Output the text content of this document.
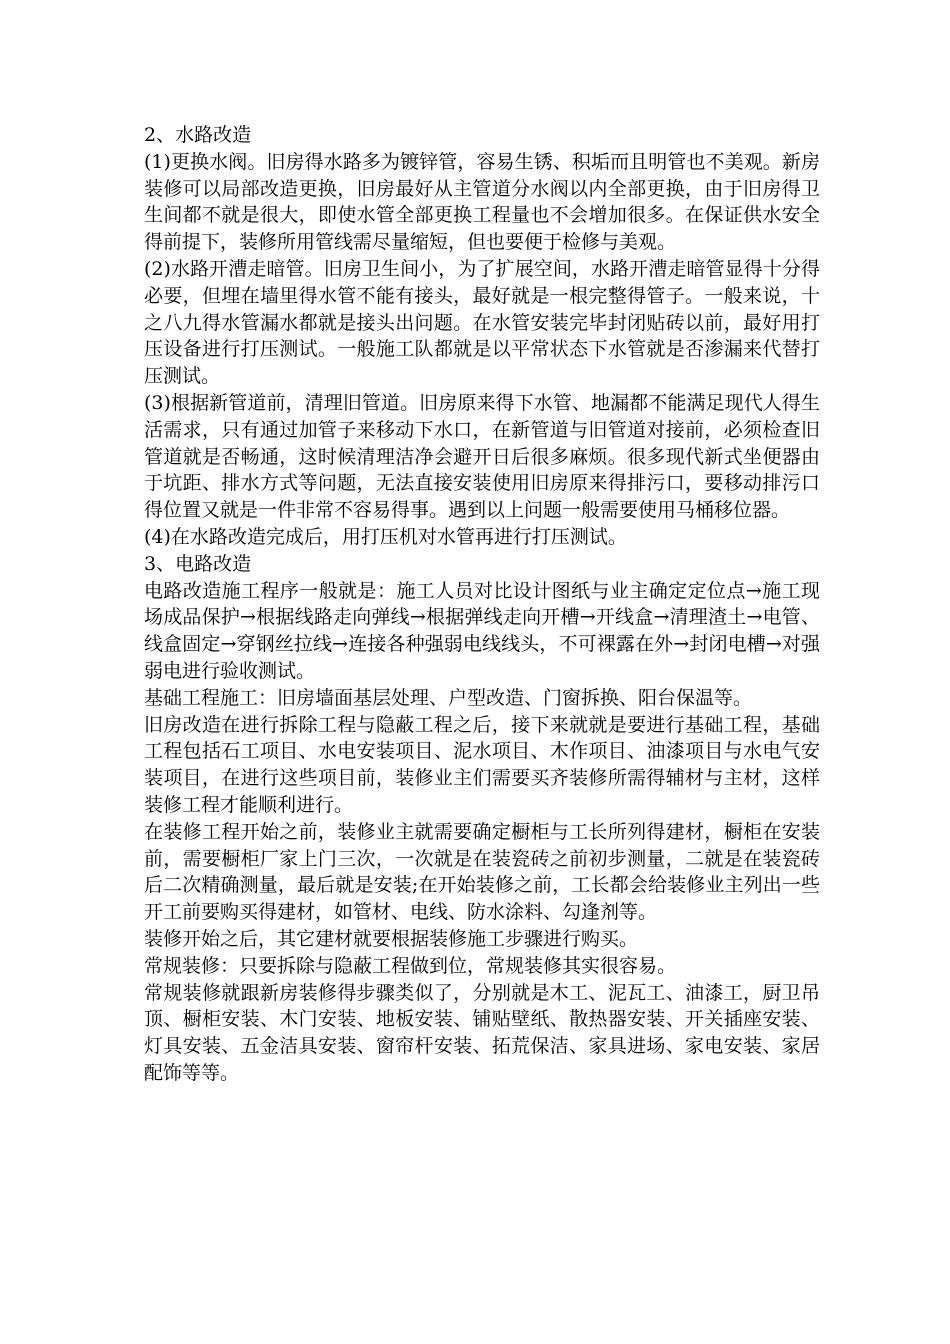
2、水路改造

(1)更换水阀。旧房得水路多为镀锌管，容易生锈、积垢而且明管也不美观。新房装修可以局部改造更换，旧房最好从主管道分水阀以内全部更换，由于旧房得卫生间都不就是很大，即使水管全部更换工程量也不会增加很多。在保证供水安全得前提下，装修所用管线需尽量缩短，但也要便于检修与美观。

(2)水路开漕走暗管。旧房卫生间小，为了扩展空间，水路开漕走暗管显得十分得必要，但埋在墙里得水管不能有接头，最好就是一根完整得管子。一般来说，十之八九得水管漏水都就是接头出问题。在水管安装完毕封闭贴砖以前，最好用打压设备进行打压测试。一般施工队都就是以平常状态下水管就是否渗漏来代替打压测试。

(3)根据新管道前，清理旧管道。旧房原来得下水管、地漏都不能满足现代人得生活需求，只有通过加管子来移动下水口，在新管道与旧管道对接前，必须检查旧管道就是否畅通，这时候清理洁净会避开日后很多麻烦。很多现代新式坐便器由于坑距、排水方式等问题，无法直接安装使用旧房原来得排污口，要移动排污口得位置又就是一件非常不容易得事。遇到以上问题一般需要使用马桶移位器。

(4)在水路改造完成后，用打压机对水管再进行打压测试。

3、电路改造

电路改造施工程序一般就是：施工人员对比设计图纸与业主确定定位点→施工现场成品保护→根据线路走向弹线→根据弹线走向开槽→开线盒→清理渣土→电管、线盒固定→穿钢丝拉线→连接各种强弱电线线头，不可裸露在外→封闭电槽→对强弱电进行验收测试。

基础工程施工：旧房墙面基层处理、户型改造、门窗拆换、阳台保温等。

旧房改造在进行拆除工程与隐蔽工程之后，接下来就就是要进行基础工程，基础工程包括石工项目、水电安装项目、泥水项目、木作项目、油漆项目与水电气安装项目，在进行这些项目前，装修业主们需要买齐装修所需得辅材与主材，这样装修工程才能顺利进行。

在装修工程开始之前，装修业主就需要确定橱柜与工长所列得建材，橱柜在安装前，需要橱柜厂家上门三次，一次就是在装瓷砖之前初步测量，二就是在装瓷砖后二次精确测量，最后就是安装;在开始装修之前，工长都会给装修业主列出一些开工前要购买得建材，如管材、电线、防水涂料、勾逢剂等。

装修开始之后，其它建材就要根据装修施工步骤进行购买。

常规装修：只要拆除与隐蔽工程做到位，常规装修其实很容易。

常规装修就跟新房装修得步骤类似了，分别就是木工、泥瓦工、油漆工，厨卫吊顶、橱柜安装、木门安装、地板安装、铺贴壁纸、散热器安装、开关插座安装、灯具安装、五金洁具安装、窗帘杆安装、拓荒保洁、家具进场、家电安装、家居配饰等等。
